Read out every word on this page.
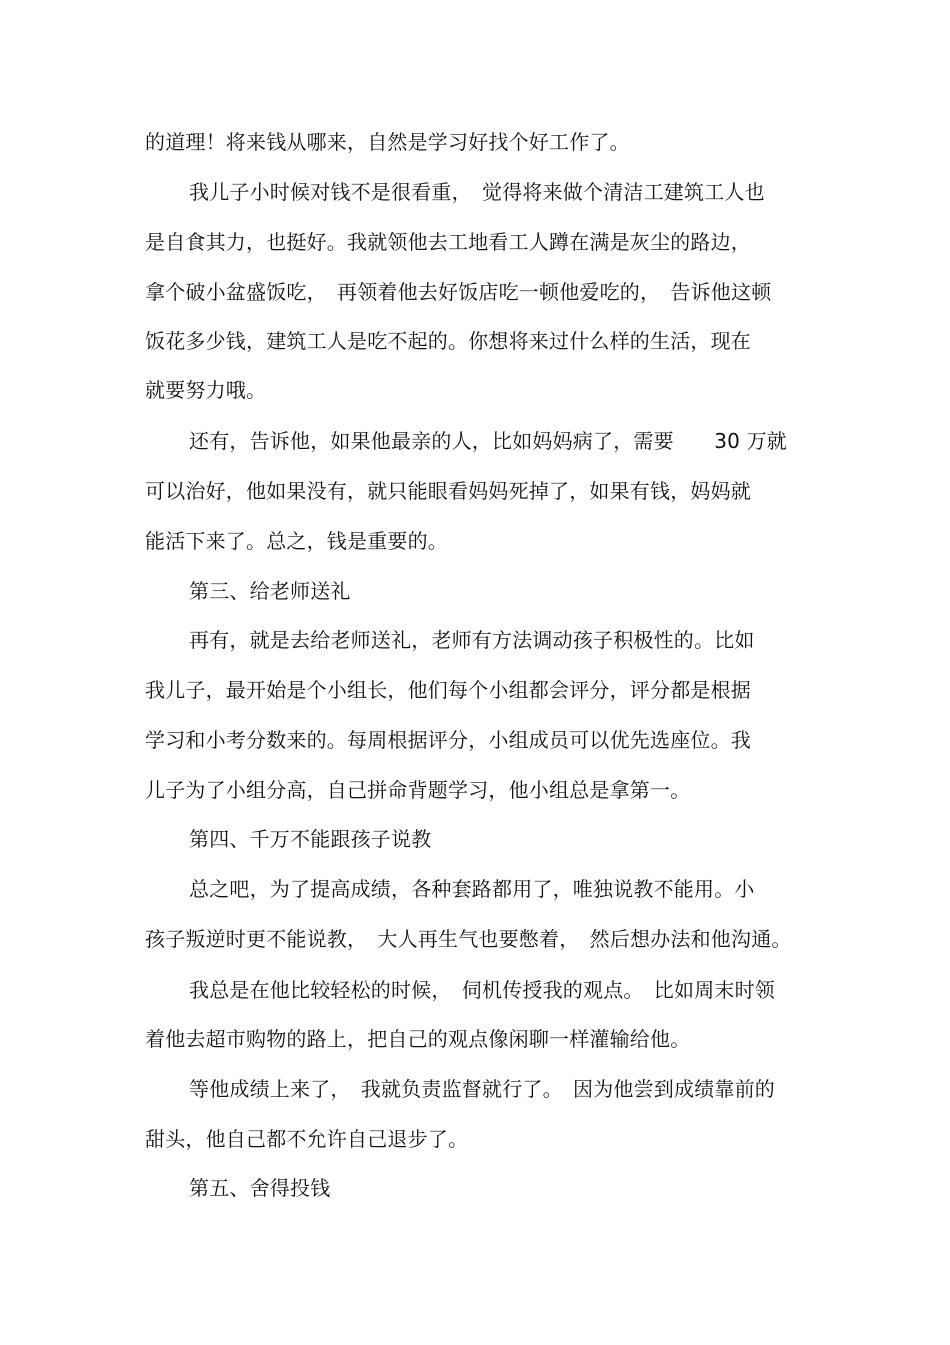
的道理！将来钱从哪来，自然是学习好找个好工作了。
我儿子小时候对钱不是很看重，　觉得将来做个清洁工建筑工人也
是自食其力，也挺好。我就领他去工地看工人蹲在满是灰尘的路边，
拿个破小盆盛饭吃，　再领着他去好饭店吃一顿他爱吃的，　告诉他这顿
饭花多少钱，建筑工人是吃不起的。你想将来过什么样的生活，现在
就要努力哦。
还有，告诉他，如果他最亲的人，比如妈妈病了，需要　　30 万就
可以治好，他如果没有，就只能眼看妈妈死掉了，如果有钱，妈妈就
能活下来了。总之，钱是重要的。
第三、给老师送礼
再有，就是去给老师送礼，老师有方法调动孩子积极性的。比如
我儿子，最开始是个小组长，他们每个小组都会评分，评分都是根据
学习和小考分数来的。每周根据评分，小组成员可以优先选座位。我
儿子为了小组分高，自己拼命背题学习，他小组总是拿第一。
第四、千万不能跟孩子说教
总之吧，为了提高成绩，各种套路都用了，唯独说教不能用。小
孩子叛逆时更不能说教，　大人再生气也要憋着，　然后想办法和他沟通。
我总是在他比较轻松的时候，　伺机传授我的观点。　比如周末时领
着他去超市购物的路上，把自己的观点像闲聊一样灌输给他。
等他成绩上来了，　我就负责监督就行了。　因为他尝到成绩靠前的
甜头，他自己都不允许自己退步了。
第五、舍得投钱
